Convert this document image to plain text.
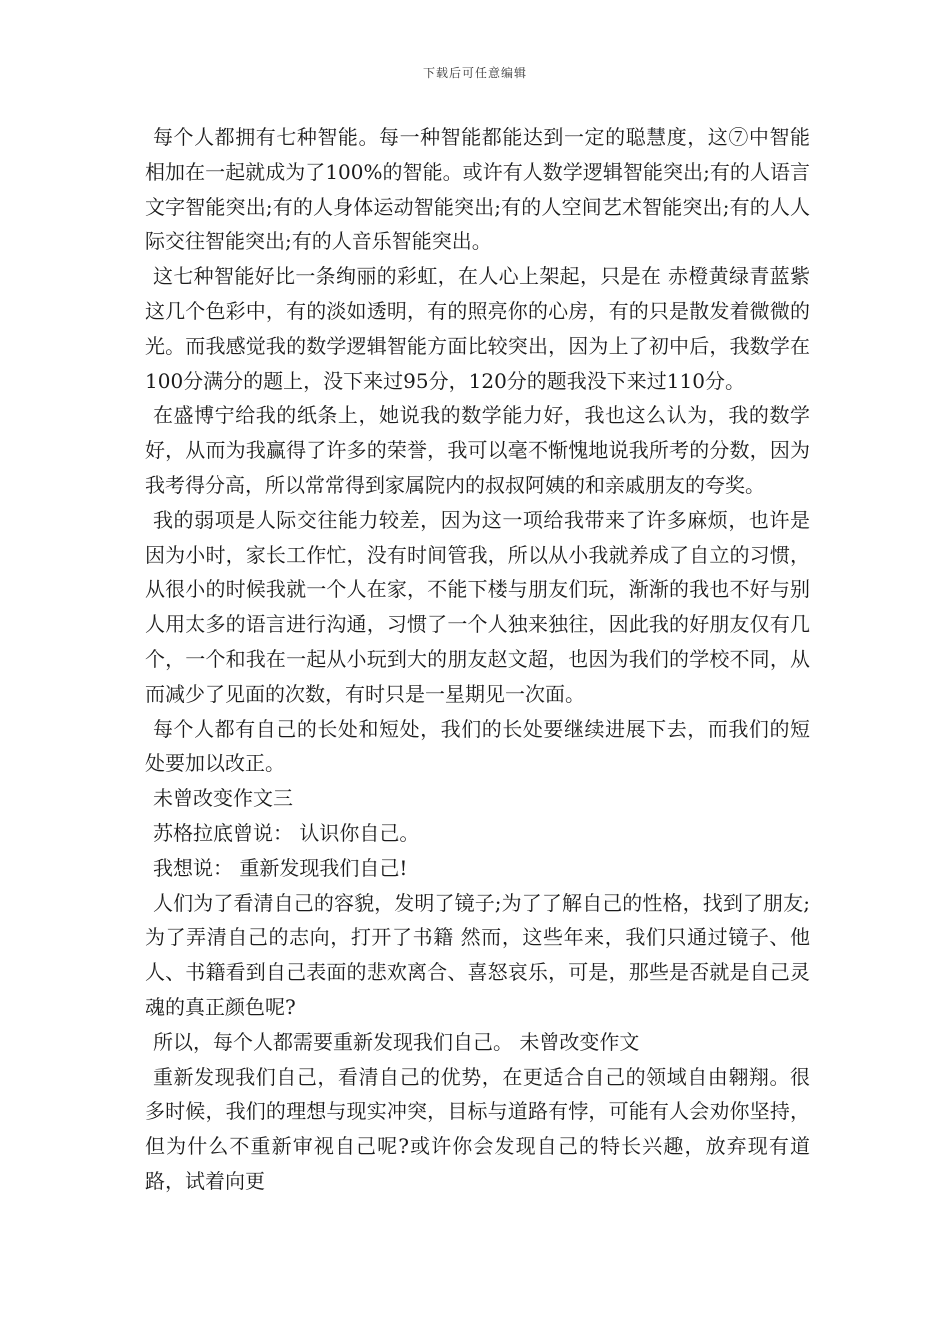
下载后可任意编辑

每个人都拥有七种智能。每一种智能都能达到一定的聪慧度，这⑦中智能相加在一起就成为了100%的智能。或许有人数学逻辑智能突出;有的人语言文字智能突出;有的人身体运动智能突出;有的人空间艺术智能突出;有的人人际交往智能突出;有的人音乐智能突出。

这七种智能好比一条绚丽的彩虹，在人心上架起，只是在 赤橙黄绿青蓝紫 这几个色彩中，有的淡如透明，有的照亮你的心房，有的只是散发着微微的光。而我感觉我的数学逻辑智能方面比较突出，因为上了初中后，我数学在100分满分的题上，没下来过95分，120分的题我没下来过110分。

在盛博宁给我的纸条上，她说我的数学能力好，我也这么认为，我的数学好，从而为我赢得了许多的荣誉，我可以毫不惭愧地说我所考的分数，因为我考得分高，所以常常得到家属院内的叔叔阿姨的和亲戚朋友的夸奖。

我的弱项是人际交往能力较差，因为这一项给我带来了许多麻烦，也许是因为小时，家长工作忙，没有时间管我，所以从小我就养成了自立的习惯，从很小的时候我就一个人在家，不能下楼与朋友们玩，渐渐的我也不好与别人用太多的语言进行沟通，习惯了一个人独来独往，因此我的好朋友仅有几个，一个和我在一起从小玩到大的朋友赵文超，也因为我们的学校不同，从而减少了见面的次数，有时只是一星期见一次面。

每个人都有自己的长处和短处，我们的长处要继续进展下去，而我们的短处要加以改正。

未曾改变作文三

苏格拉底曾说： 认识你自己。

我想说： 重新发现我们自己!

人们为了看清自己的容貌，发明了镜子;为了了解自己的性格，找到了朋友;为了弄清自己的志向，打开了书籍 然而，这些年来，我们只通过镜子、他人、书籍看到自己表面的悲欢离合、喜怒哀乐，可是，那些是否就是自己灵魂的真正颜色呢?

所以，每个人都需要重新发现我们自己。 未曾改变作文

重新发现我们自己，看清自己的优势，在更适合自己的领域自由翱翔。很多时候，我们的理想与现实冲突，目标与道路有悖，可能有人会劝你坚持，但为什么不重新审视自己呢?或许你会发现自己的特长兴趣，放弃现有道路，试着向更
